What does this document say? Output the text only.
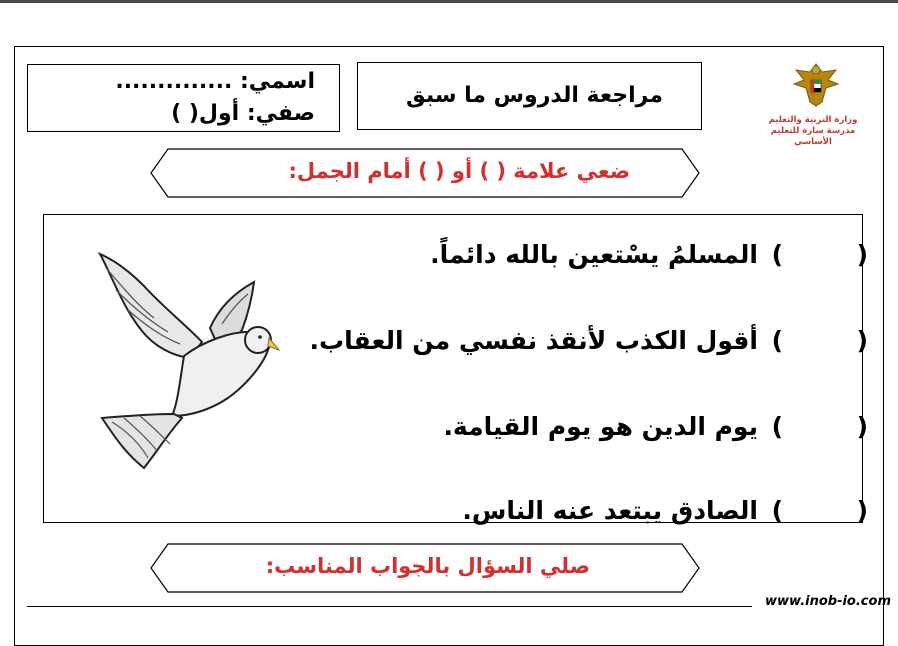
اسمي: ..............
صفي: أول( )
مراجعة الدروس ما سبق
وزارة التربية والتعليم
مدرسة سارة للتعليم الأساسي
ضعي علامة ( ) أو ( ) أمام الجمل:
(
)
المسلمُ يسْتعين بالله دائماً.
(
)
أقول الكذب لأنقذ نفسي من العقاب.
(
)
يوم الدين هو يوم القيامة.
(
)
الصادق يبتعد عنه الناس.
صلي السؤال بالجواب المناسب:
www.inob-io.com
